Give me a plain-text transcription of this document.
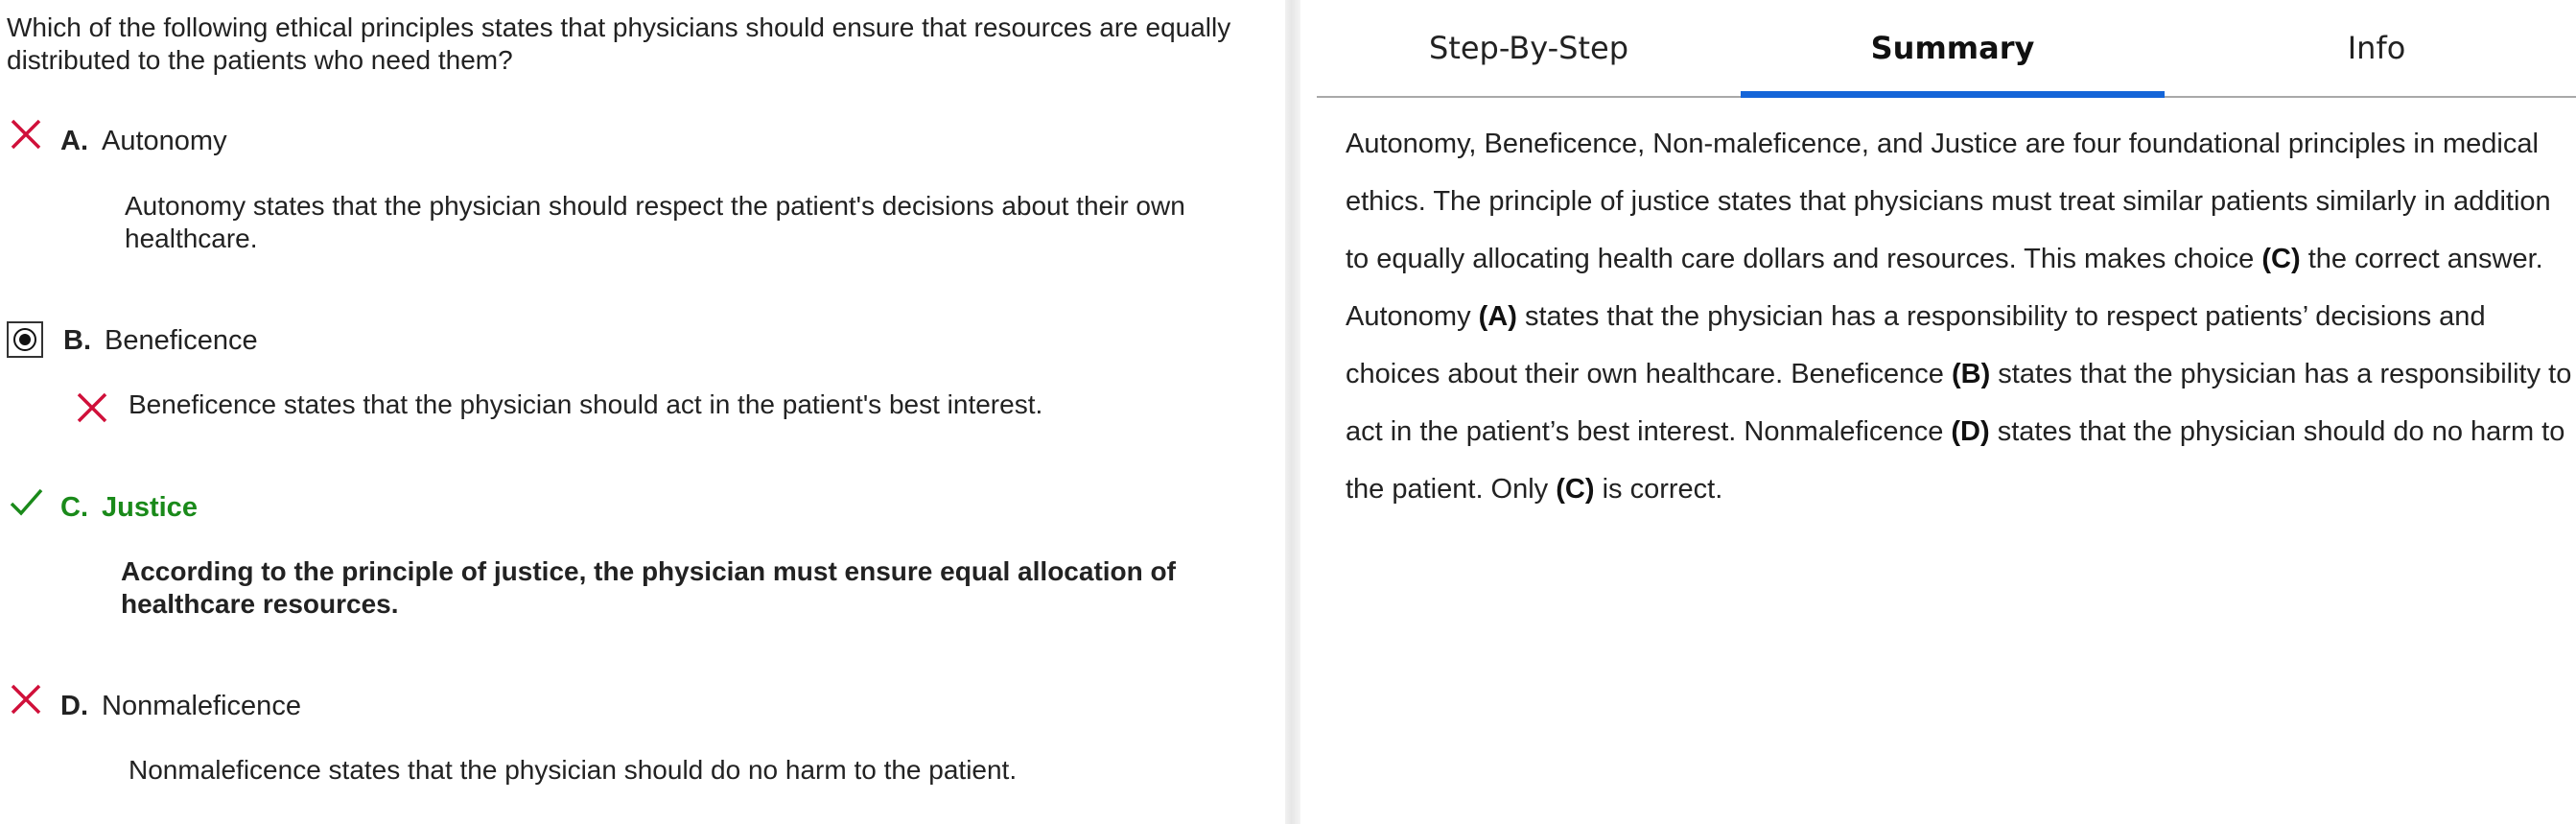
Which of the following ethical principles states that physicians should ensure that resources are equally distributed to the patients who need them?

A. Autonomy
Autonomy states that the physician should respect the patient's decisions about their own healthcare.
B. Beneficence
Beneficence states that the physician should act in the patient's best interest.
C. Justice
According to the principle of justice, the physician must ensure equal allocation of healthcare resources.
D. Nonmaleficence
Nonmaleficence states that the physician should do no harm to the patient.
Step-By-Step	Summary	Info

Autonomy, Beneficence, Non-maleficence, and Justice are four foundational principles in medical ethics. The principle of justice states that physicians must treat similar patients similarly in addition to equally allocating health care dollars and resources. This makes choice (C) the correct answer. Autonomy (A) states that the physician has a responsibility to respect patients’ decisions and choices about their own healthcare. Beneficence (B) states that the physician has a responsibility to act in the patient’s best interest. Nonmaleficence (D) states that the physician should do no harm to the patient. Only (C) is correct.
